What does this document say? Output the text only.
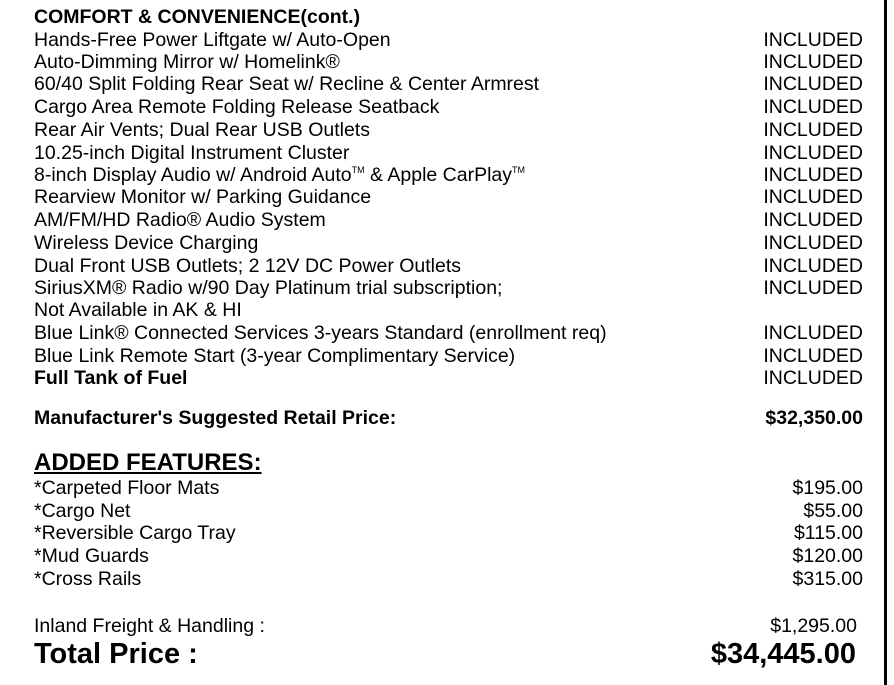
COMFORT & CONVENIENCE(cont.)
Hands-Free Power Liftgate w/ Auto-Open	INCLUDED
Auto-Dimming Mirror w/ Homelink®	INCLUDED
60/40 Split Folding Rear Seat w/ Recline & Center Armrest	INCLUDED
Cargo Area Remote Folding Release Seatback	INCLUDED
Rear Air Vents; Dual Rear USB Outlets	INCLUDED
10.25-inch Digital Instrument Cluster	INCLUDED
8-inch Display Audio w/ Android Auto™ & Apple CarPlay™	INCLUDED
Rearview Monitor w/ Parking Guidance	INCLUDED
AM/FM/HD Radio® Audio System	INCLUDED
Wireless Device Charging	INCLUDED
Dual Front USB Outlets; 2 12V DC Power Outlets	INCLUDED
SiriusXM® Radio w/90 Day Platinum trial subscription;	INCLUDED
Not Available in AK & HI
Blue Link® Connected Services 3-years Standard (enrollment req)	INCLUDED
Blue Link Remote Start (3-year Complimentary Service)	INCLUDED
Full Tank of Fuel	INCLUDED
Manufacturer's Suggested Retail Price:	$32,350.00
ADDED FEATURES:
*Carpeted Floor Mats	$195.00
*Cargo Net	$55.00
*Reversible Cargo Tray	$115.00
*Mud Guards	$120.00
*Cross Rails	$315.00
Inland Freight & Handling :	$1,295.00
Total Price :	$34,445.00
